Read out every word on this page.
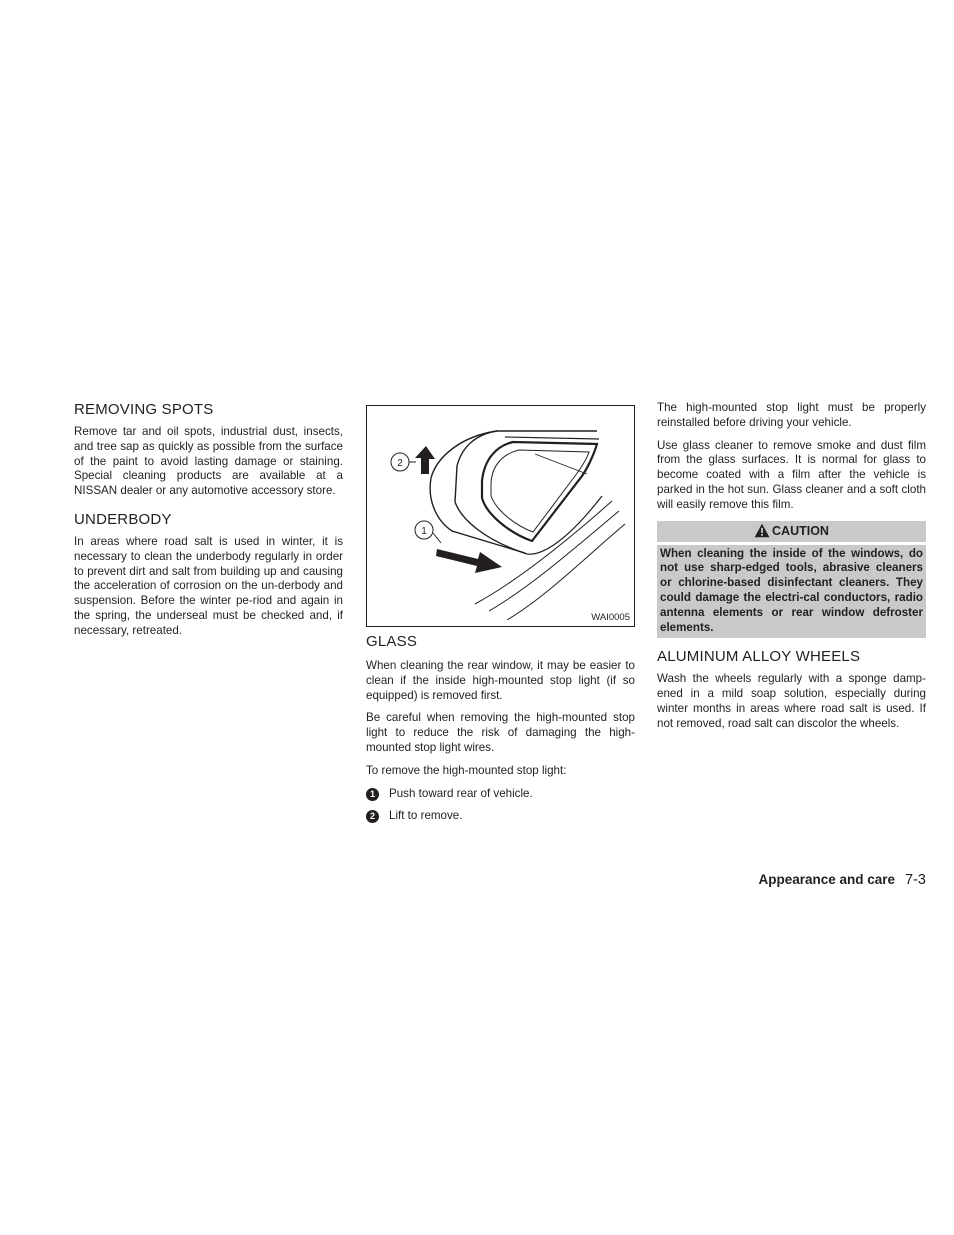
REMOVING SPOTS

Remove tar and oil spots, industrial dust, insects, and tree sap as quickly as possible from the surface of the paint to avoid lasting damage or staining. Special cleaning products are available at a NISSAN dealer or any automotive accessory store.

UNDERBODY

In areas where road salt is used in winter, it is necessary to clean the underbody regularly in order to prevent dirt and salt from building up and causing the acceleration of corrosion on the un-derbody and suspension. Before the winter pe-riod and again in the spring, the underseal must be checked and, if necessary, retreated.

2
1
WAI0005
GLASS

When cleaning the rear window, it may be easier to clean if the inside high-mounted stop light (if so equipped) is removed first.

Be careful when removing the high-mounted stop light to reduce the risk of damaging the high-mounted stop light wires.

To remove the high-mounted stop light:

1	Push toward rear of vehicle.
2	Lift to remove.

The high-mounted stop light must be properly reinstalled before driving your vehicle.

Use glass cleaner to remove smoke and dust film from the glass surfaces. It is normal for glass to become coated with a film after the vehicle is parked in the hot sun. Glass cleaner and a soft cloth will easily remove this film.

CAUTION
When cleaning the inside of the windows, do not use sharp-edged tools, abrasive cleaners or chlorine-based disinfectant cleaners. They could damage the electri-cal conductors, radio antenna elements or rear window defroster elements.
ALUMINUM ALLOY WHEELS

Wash the wheels regularly with a sponge damp-ened in a mild soap solution, especially during winter months in areas where road salt is used. If not removed, road salt can discolor the wheels.

Appearance and care 7-3
